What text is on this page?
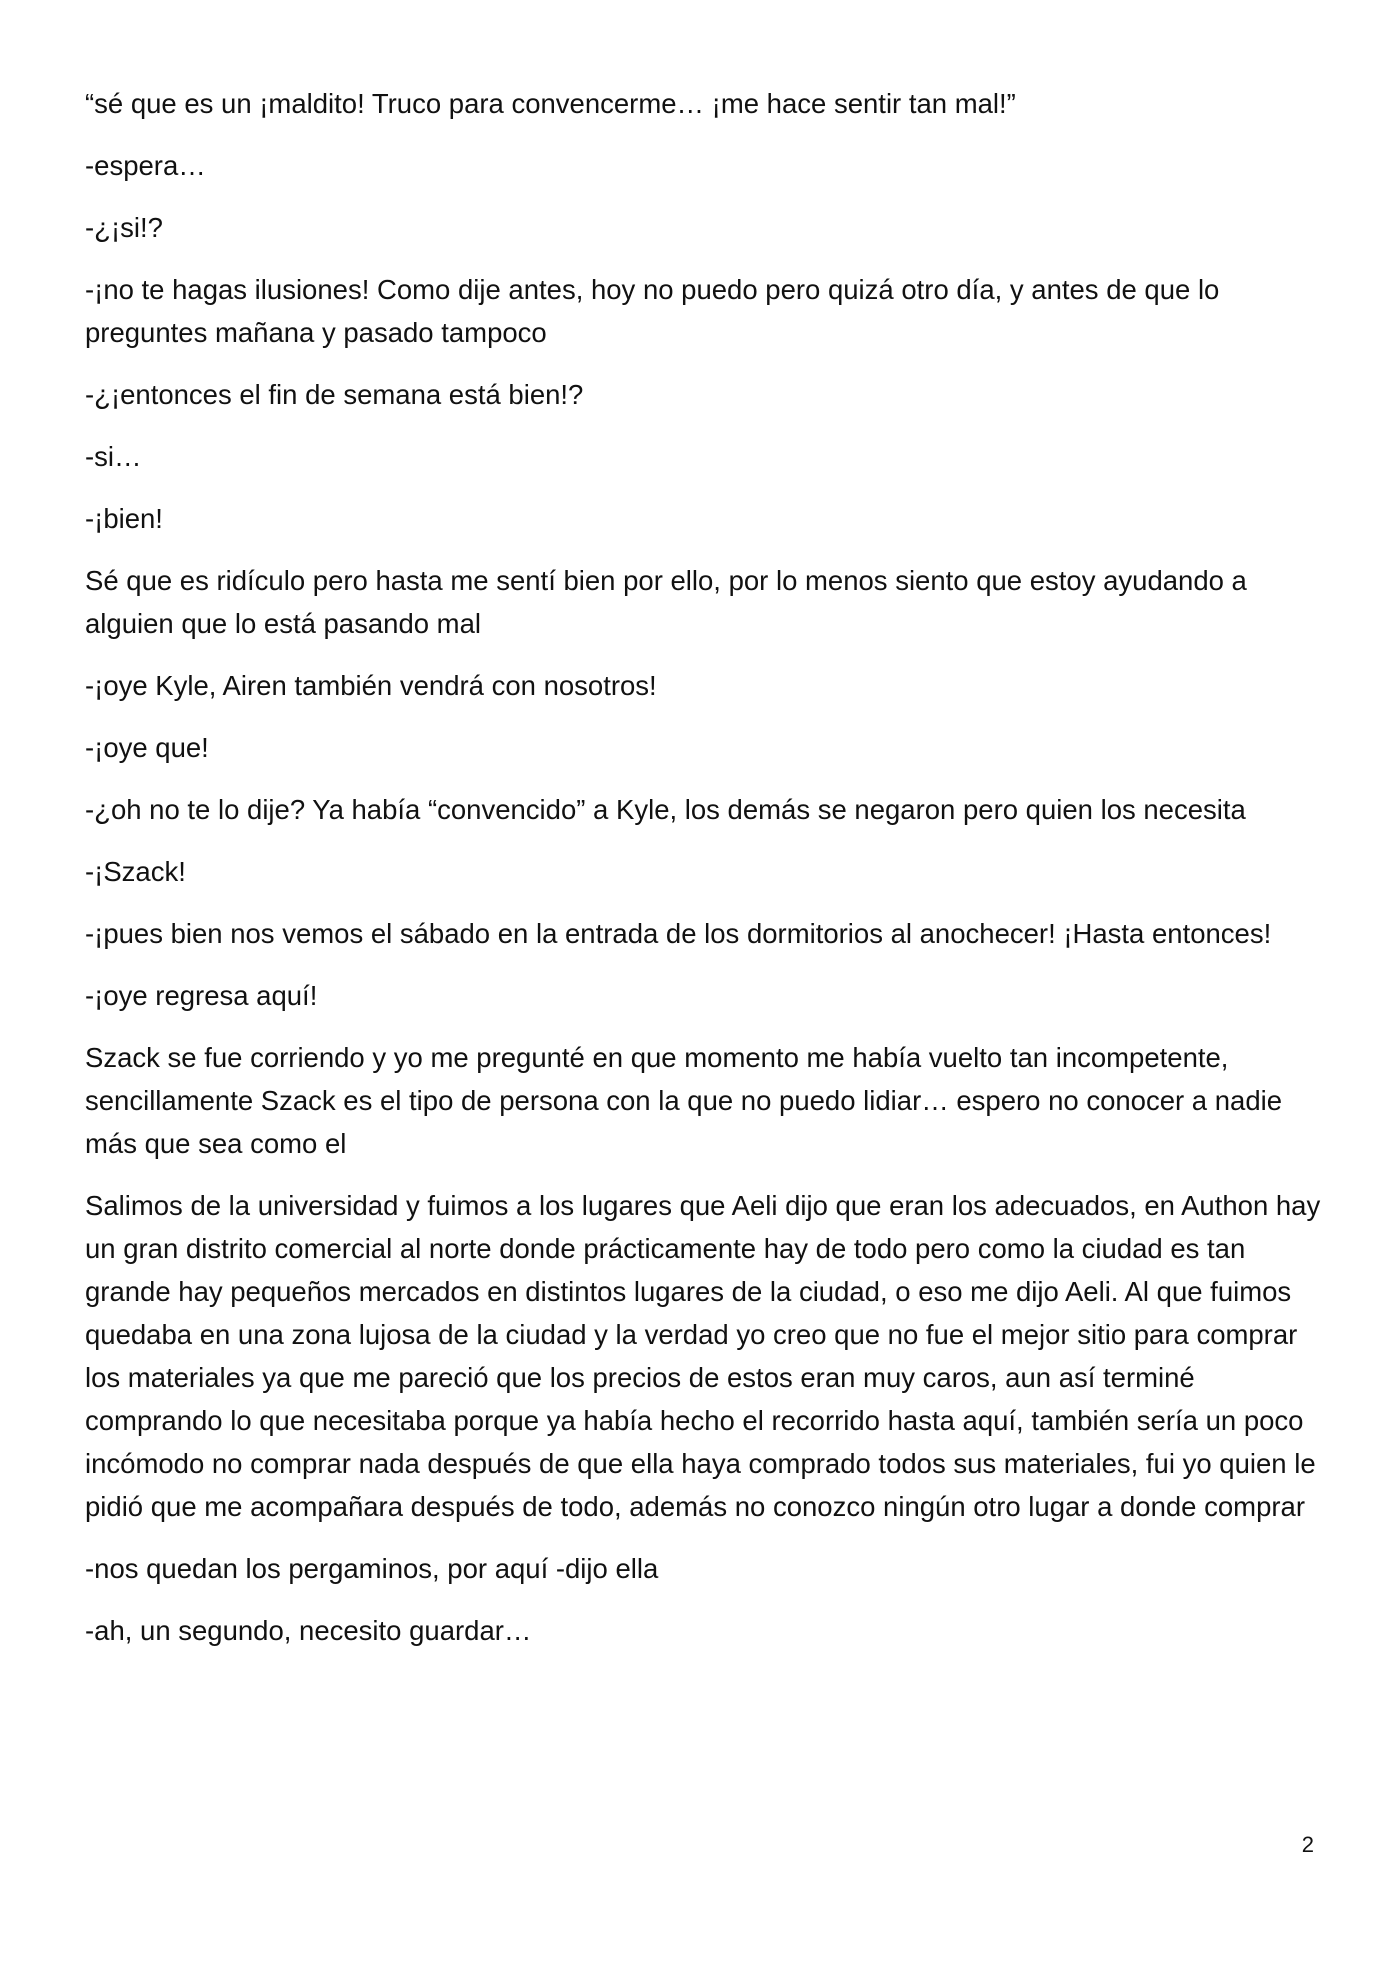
“sé que es un ¡maldito! Truco para convencerme… ¡me hace sentir tan mal!”

-espera…

-¿¡si!?

-¡no te hagas ilusiones! Como dije antes, hoy no puedo pero quizá otro día, y antes de que lo preguntes mañana y pasado tampoco

-¿¡entonces el fin de semana está bien!?

-si…

-¡bien!

Sé que es ridículo pero hasta me sentí bien por ello, por lo menos siento que estoy ayudando a alguien que lo está pasando mal

-¡oye Kyle, Airen también vendrá con nosotros!

-¡oye que!

-¿oh no te lo dije? Ya había “convencido” a Kyle, los demás se negaron pero quien los necesita

-¡Szack!

-¡pues bien nos vemos el sábado en la entrada de los dormitorios al anochecer! ¡Hasta entonces!

-¡oye regresa aquí!

Szack se fue corriendo y yo me pregunté en que momento me había vuelto tan incompetente, sencillamente Szack es el tipo de persona con la que no puedo lidiar… espero no conocer a nadie más que sea como el

Salimos de la universidad y fuimos a los lugares que Aeli dijo que eran los adecuados, en Authon hay un gran distrito comercial al norte donde prácticamente hay de todo pero como la ciudad es tan grande hay pequeños mercados en distintos lugares de la ciudad, o eso me dijo Aeli. Al que fuimos quedaba en una zona lujosa de la ciudad y la verdad yo creo que no fue el mejor sitio para comprar los materiales ya que me pareció que los precios de estos eran muy caros, aun así terminé comprando lo que necesitaba porque ya había hecho el recorrido hasta aquí, también sería un poco incómodo no comprar nada después de que ella haya comprado todos sus materiales, fui yo quien le pidió que me acompañara después de todo, además no conozco ningún otro lugar a donde comprar

-nos quedan los pergaminos, por aquí -dijo ella

-ah, un segundo, necesito guardar…

2
